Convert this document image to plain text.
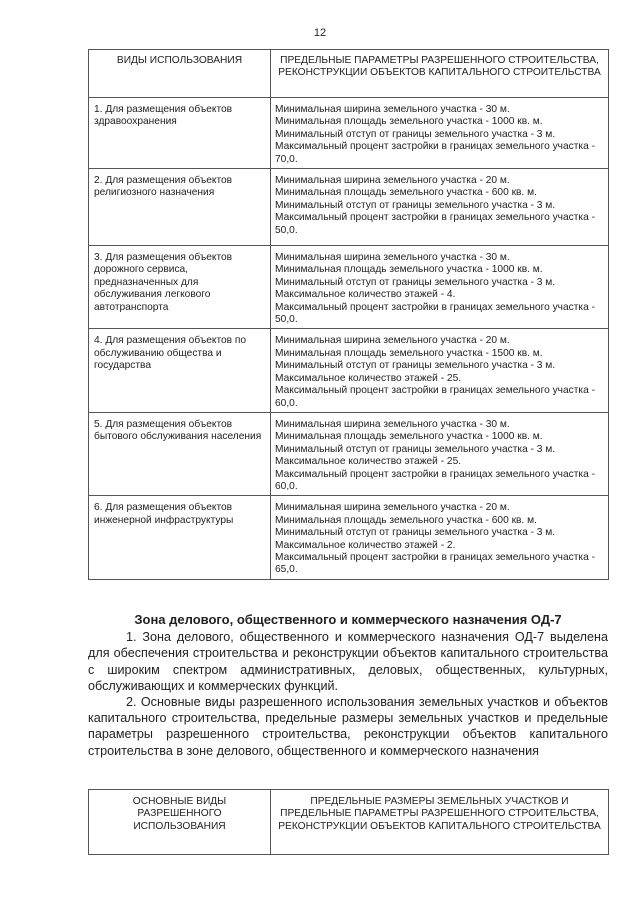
12
ВИДЫ ИСПОЛЬЗОВАНИЯ	ПРЕДЕЛЬНЫЕ ПАРАМЕТРЫ РАЗРЕШЕННОГО СТРОИТЕЛЬСТВА, РЕКОНСТРУКЦИИ ОБЪЕКТОВ КАПИТАЛЬНОГО СТРОИТЕЛЬСТВА
1. Для размещения объектов здравоохранения	Минимальная ширина земельного участка - 30 м.
Минимальная площадь земельного участка - 1000 кв. м.
Минимальный отступ от границы земельного участка - 3 м.
Максимальный процент застройки в границах земельного участка - 70,0.

2. Для размещения объектов религиозного назначения	Минимальная ширина земельного участка - 20 м.
Минимальная площадь земельного участка - 600 кв. м.
Минимальный отступ от границы земельного участка - 3 м.
Максимальный процент застройки в границах земельного участка - 50,0.

3. Для размещения объектов дорожного сервиса, предназначенных для обслуживания легкового автотранспорта	Минимальная ширина земельного участка - 30 м.
Минимальная площадь земельного участка - 1000 кв. м.
Минимальный отступ от границы земельного участка - 3 м.
Максимальное количество этажей - 4.
Максимальный процент застройки в границах земельного участка - 50,0.

4. Для размещения объектов по обслуживанию общества и государства	Минимальная ширина земельного участка - 20 м.
Минимальная площадь земельного участка - 1500 кв. м.
Минимальный отступ от границы земельного участка - 3 м.
Максимальное количество этажей - 25.
Максимальный процент застройки в границах земельного участка - 60,0.

5. Для размещения объектов бытового обслуживания населения	Минимальная ширина земельного участка - 30 м.
Минимальная площадь земельного участка - 1000 кв. м.
Минимальный отступ от границы земельного участка - 3 м.
Максимальное количество этажей - 25.
Максимальный процент застройки в границах земельного участка - 60,0.

6. Для размещения объектов инженерной инфраструктуры	Минимальная ширина земельного участка - 20 м.
Минимальная площадь земельного участка - 600 кв. м.
Минимальный отступ от границы земельного участка - 3 м.
Максимальное количество этажей - 2.
Максимальный процент застройки в границах земельного участка - 65,0.
Зона делового, общественного и коммерческого назначения ОД-7

1. Зона делового, общественного и коммерческого назначения ОД-7 выделена для обеспечения строительства и реконструкции объектов капитального строительства с широким спектром административных, деловых, общественных, культурных, обслуживающих и коммерческих функций.

2. Основные виды разрешенного использования земельных участков и объектов капитального строительства, предельные размеры земельных участков и предельные параметры разрешенного строительства, реконструкции объектов капитального строительства в зоне делового, общественного и коммерческого назначения

ОСНОВНЫЕ ВИДЫ РАЗРЕШЕННОГО ИСПОЛЬЗОВАНИЯ	ПРЕДЕЛЬНЫЕ РАЗМЕРЫ ЗЕМЕЛЬНЫХ УЧАСТКОВ И ПРЕДЕЛЬНЫЕ ПАРАМЕТРЫ РАЗРЕШЕННОГО СТРОИТЕЛЬСТВА, РЕКОНСТРУКЦИИ ОБЪЕКТОВ КАПИТАЛЬНОГО СТРОИТЕЛЬСТВА
